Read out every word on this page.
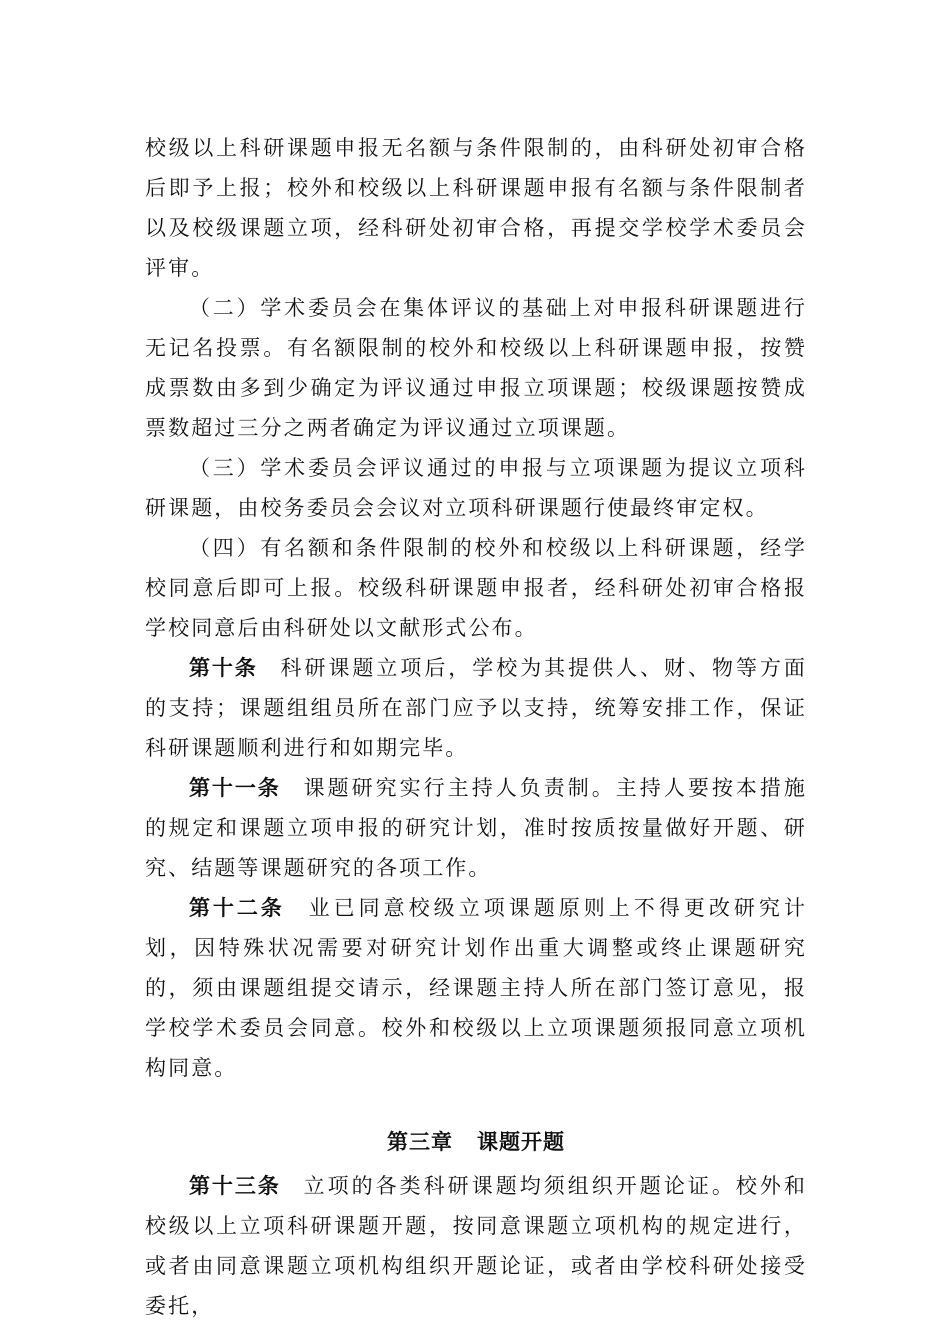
校级以上科研课题申报无名额与条件限制的，由科研处初审合格后即予上报；校外和校级以上科研课题申报有名额与条件限制者以及校级课题立项，经科研处初审合格，再提交学校学术委员会评审。

（二）学术委员会在集体评议的基础上对申报科研课题进行无记名投票。有名额限制的校外和校级以上科研课题申报，按赞成票数由多到少确定为评议通过申报立项课题；校级课题按赞成票数超过三分之两者确定为评议通过立项课题。

（三）学术委员会评议通过的申报与立项课题为提议立项科研课题，由校务委员会会议对立项科研课题行使最终审定权。

（四）有名额和条件限制的校外和校级以上科研课题，经学校同意后即可上报。校级科研课题申报者，经科研处初审合格报学校同意后由科研处以文献形式公布。

第十条 科研课题立项后，学校为其提供人、财、物等方面的支持；课题组组员所在部门应予以支持，统筹安排工作，保证科研课题顺利进行和如期完毕。

第十一条 课题研究实行主持人负责制。主持人要按本措施的规定和课题立项申报的研究计划，准时按质按量做好开题、研究、结题等课题研究的各项工作。

第十二条 业已同意校级立项课题原则上不得更改研究计划，因特殊状况需要对研究计划作出重大调整或终止课题研究的，须由课题组提交请示，经课题主持人所在部门签订意见，报学校学术委员会同意。校外和校级以上立项课题须报同意立项机构同意。

第三章 课题开题

第十三条 立项的各类科研课题均须组织开题论证。校外和校级以上立项科研课题开题，按同意课题立项机构的规定进行，或者由同意课题立项机构组织开题论证，或者由学校科研处接受委托，
